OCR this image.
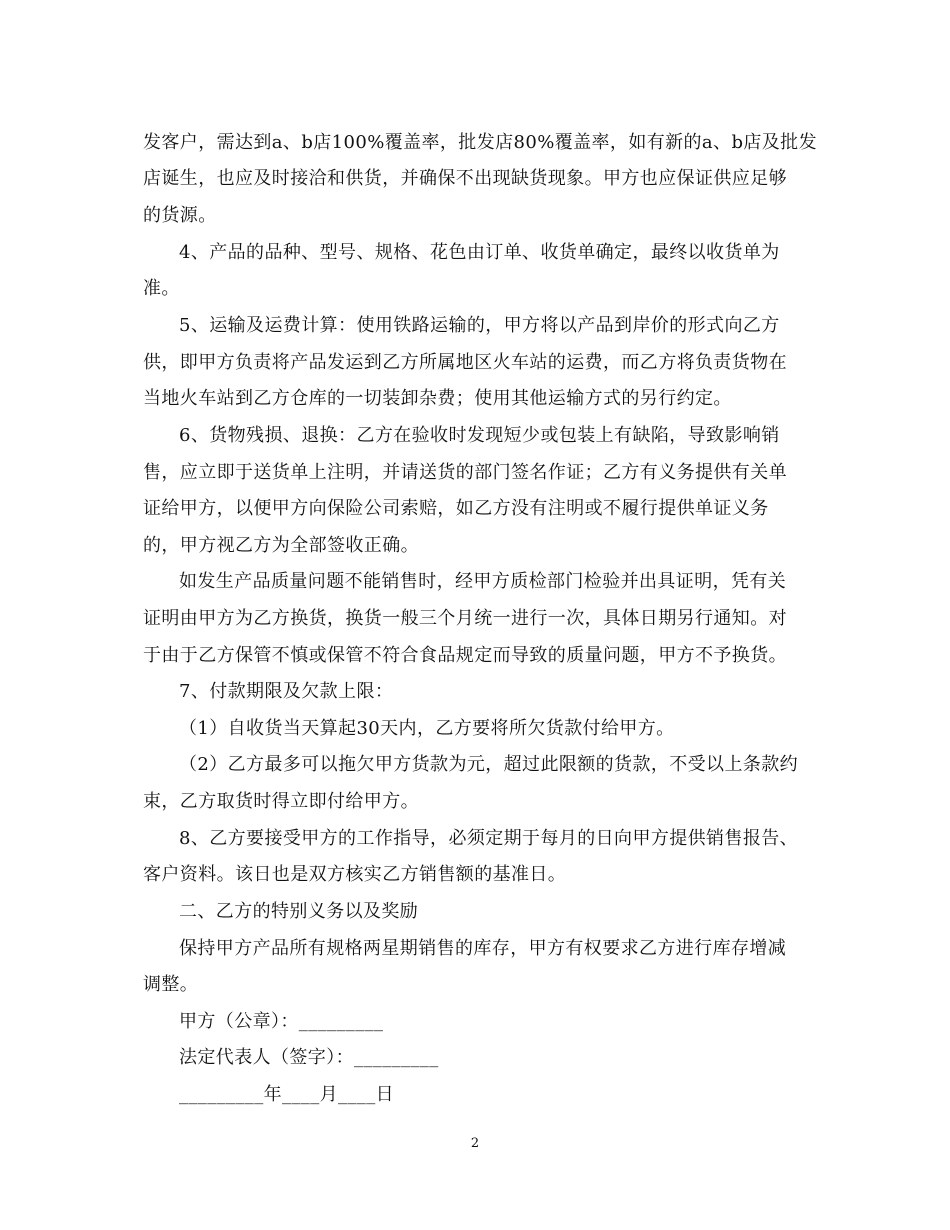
发客户，需达到a、b店100%覆盖率，批发店80%覆盖率，如有新的a、b店及批发
店诞生，也应及时接洽和供货，并确保不出现缺货现象。甲方也应保证供应足够
的货源。
4、产品的品种、型号、规格、花色由订单、收货单确定，最终以收货单为
准。
5、运输及运费计算：使用铁路运输的，甲方将以产品到岸价的形式向乙方
供，即甲方负责将产品发运到乙方所属地区火车站的运费，而乙方将负责货物在
当地火车站到乙方仓库的一切装卸杂费；使用其他运输方式的另行约定。
6、货物残损、退换：乙方在验收时发现短少或包装上有缺陷，导致影响销
售，应立即于送货单上注明，并请送货的部门签名作证；乙方有义务提供有关单
证给甲方，以便甲方向保险公司索赔，如乙方没有注明或不履行提供单证义务
的，甲方视乙方为全部签收正确。
如发生产品质量问题不能销售时，经甲方质检部门检验并出具证明，凭有关
证明由甲方为乙方换货，换货一般三个月统一进行一次，具体日期另行通知。对
于由于乙方保管不慎或保管不符合食品规定而导致的质量问题，甲方不予换货。
7、付款期限及欠款上限：
（1）自收货当天算起30天内，乙方要将所欠货款付给甲方。
（2）乙方最多可以拖欠甲方货款为元，超过此限额的货款，不受以上条款约
束，乙方取货时得立即付给甲方。
8、乙方要接受甲方的工作指导，必须定期于每月的日向甲方提供销售报告、
客户资料。该日也是双方核实乙方销售额的基准日。
二、乙方的特别义务以及奖励
保持甲方产品所有规格两星期销售的库存，甲方有权要求乙方进行库存增减
调整。
甲方（公章）：_________
法定代表人（签字）：_________
_________年____月____日
2
